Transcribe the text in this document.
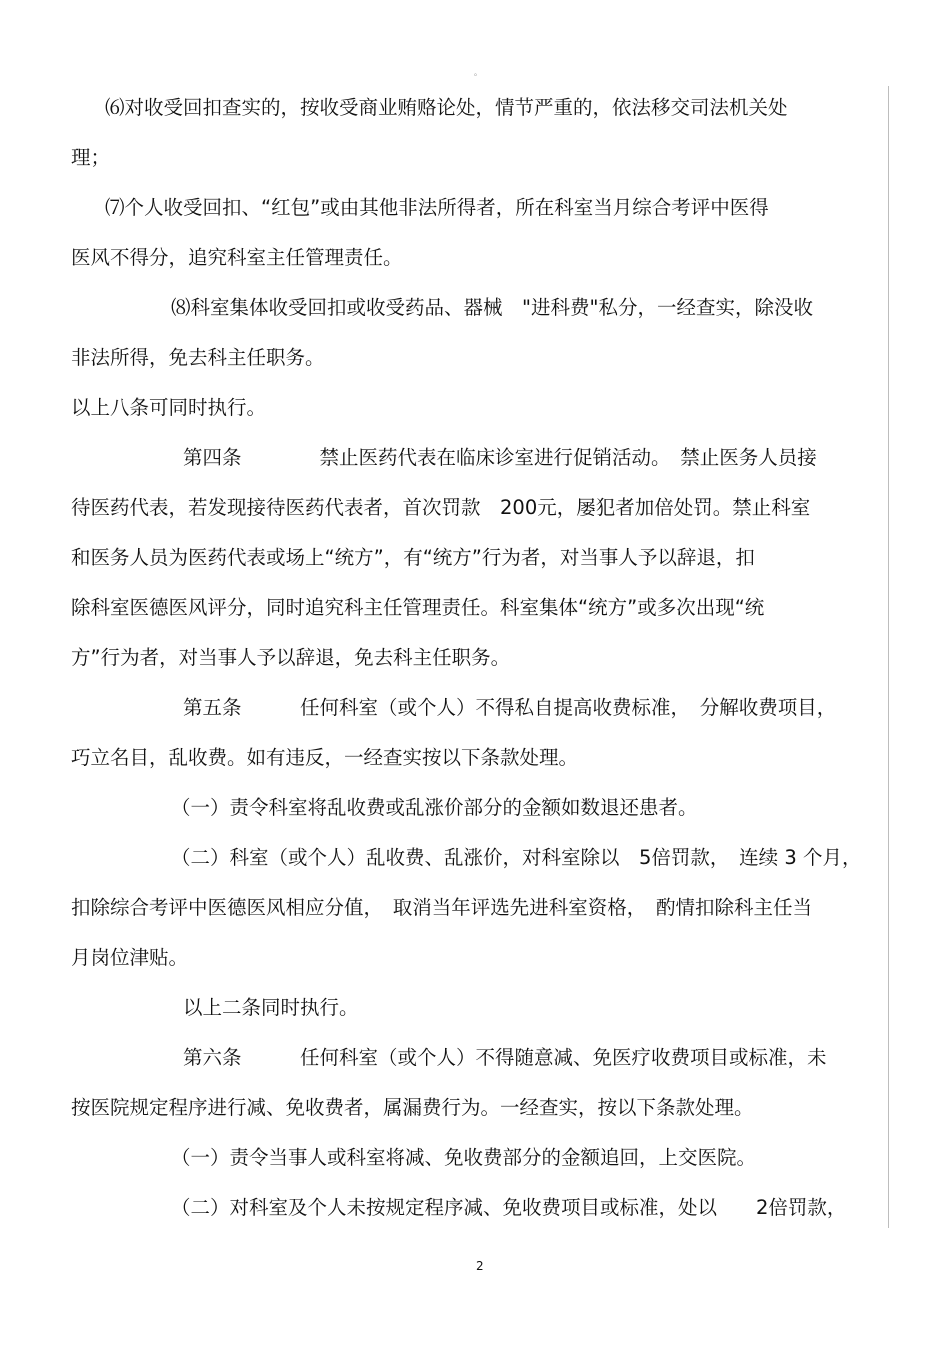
。
⑹对收受回扣查实的，按收受商业贿赂论处，情节严重的，依法移交司法机关处
理；
⑺个人收受回扣、“红包”或由其他非法所得者，所在科室当月综合考评中医得
医风不得分，追究科室主任管理责任。
⑻科室集体收受回扣或收受药品、器械　"进科费"私分，一经查实，除没收
非法所得，免去科主任职务。
以上八条可同时执行。
第四条　　　　禁止医药代表在临床诊室进行促销活动。　禁止医务人员接
待医药代表，若发现接待医药代表者，首次罚款　200元，屡犯者加倍处罚。禁止科室
和医务人员为医药代表或场上“统方”，有“统方”行为者，对当事人予以辞退，扣
除科室医德医风评分，同时追究科主任管理责任。科室集体“统方”或多次出现“统
方”行为者，对当事人予以辞退，免去科主任职务。
第五条　　　任何科室（或个人）不得私自提高收费标准，　分解收费项目，
巧立名目，乱收费。如有违反，一经查实按以下条款处理。
（一）责令科室将乱收费或乱涨价部分的金额如数退还患者。
（二）科室（或个人）乱收费、乱涨价，对科室除以　5倍罚款，　连续 3 个月，
扣除综合考评中医德医风相应分值，　取消当年评选先进科室资格，　酌情扣除科主任当
月岗位津贴。
以上二条同时执行。
第六条　　　任何科室（或个人）不得随意减、免医疗收费项目或标准，未
按医院规定程序进行减、免收费者，属漏费行为。一经查实，按以下条款处理。
（一）责令当事人或科室将减、免收费部分的金额追回，上交医院。
（二）对科室及个人未按规定程序减、免收费项目或标准，处以　　2倍罚款，
2
